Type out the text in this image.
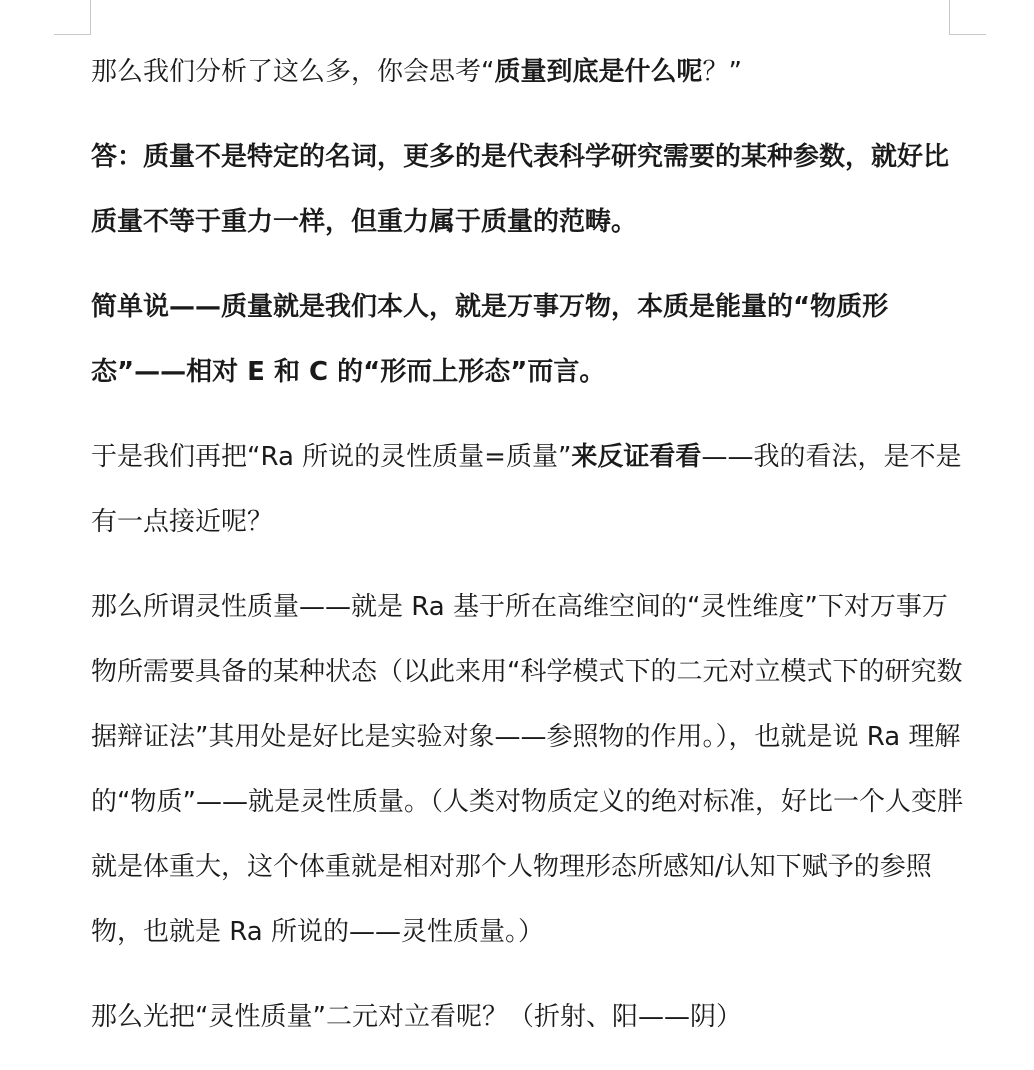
那么我们分析了这么多，你会思考“质量到底是什么呢？”

答：质量不是特定的名词，更多的是代表科学研究需要的某种参数，就好比质量不等于重力一样，但重力属于质量的范畴。

简单说——质量就是我们本人，就是万事万物，本质是能量的“物质形态”——相对 E 和 C 的“形而上形态”而言。

于是我们再把“Ra 所说的灵性质量=质量”来反证看看——我的看法，是不是有一点接近呢？

那么所谓灵性质量——就是 Ra 基于所在高维空间的“灵性维度”下对万事万物所需要具备的某种状态（以此来用“科学模式下的二元对立模式下的研究数据辩证法”其用处是好比是实验对象——参照物的作用。），也就是说 Ra 理解的“物质”——就是灵性质量。（人类对物质定义的绝对标准，好比一个人变胖就是体重大，这个体重就是相对那个人物理形态所感知/认知下赋予的参照物，也就是 Ra 所说的——灵性质量。）

那么光把“灵性质量”二元对立看呢？（折射、阳——阴）
